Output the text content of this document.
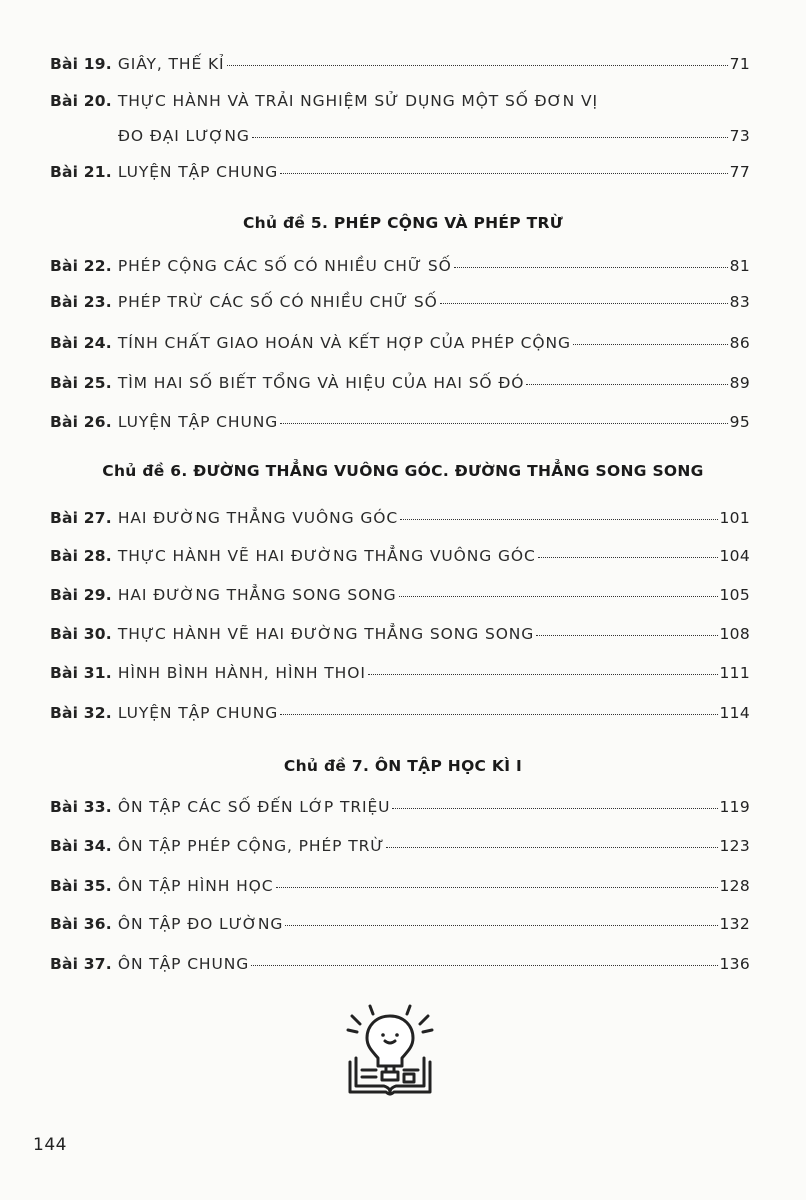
Bài 19. GIÂY, THẾ KỈ	71
Bài 20. THỰC HÀNH VÀ TRẢI NGHIỆM SỬ DỤNG MỘT SỐ ĐƠN VỊ
ĐO ĐẠI LƯỢNG	73
Bài 21. LUYỆN TẬP CHUNG	77
Chủ đề 5. PHÉP CỘNG VÀ PHÉP TRỪ
Bài 22. PHÉP CỘNG CÁC SỐ CÓ NHIỀU CHỮ SỐ	81
Bài 23. PHÉP TRỪ CÁC SỐ CÓ NHIỀU CHỮ SỐ	83
Bài 24. TÍNH CHẤT GIAO HOÁN VÀ KẾT HỢP CỦA PHÉP CỘNG	86
Bài 25. TÌM HAI SỐ BIẾT TỔNG VÀ HIỆU CỦA HAI SỐ ĐÓ	89
Bài 26. LUYỆN TẬP CHUNG	95
Chủ đề 6. ĐƯỜNG THẲNG VUÔNG GÓC. ĐƯỜNG THẲNG SONG SONG
Bài 27. HAI ĐƯỜNG THẲNG VUÔNG GÓC	101
Bài 28. THỰC HÀNH VẼ HAI ĐƯỜNG THẲNG VUÔNG GÓC	104
Bài 29. HAI ĐƯỜNG THẲNG SONG SONG	105
Bài 30. THỰC HÀNH VẼ HAI ĐƯỜNG THẲNG SONG SONG	108
Bài 31. HÌNH BÌNH HÀNH, HÌNH THOI	111
Bài 32. LUYỆN TẬP CHUNG	114
Chủ đề 7. ÔN TẬP HỌC KÌ I
Bài 33. ÔN TẬP CÁC SỐ ĐẾN LỚP TRIỆU	119
Bài 34. ÔN TẬP PHÉP CỘNG, PHÉP TRỪ	123
Bài 35. ÔN TẬP HÌNH HỌC	128
Bài 36. ÔN TẬP ĐO LƯỜNG	132
Bài 37. ÔN TẬP CHUNG	136
144
